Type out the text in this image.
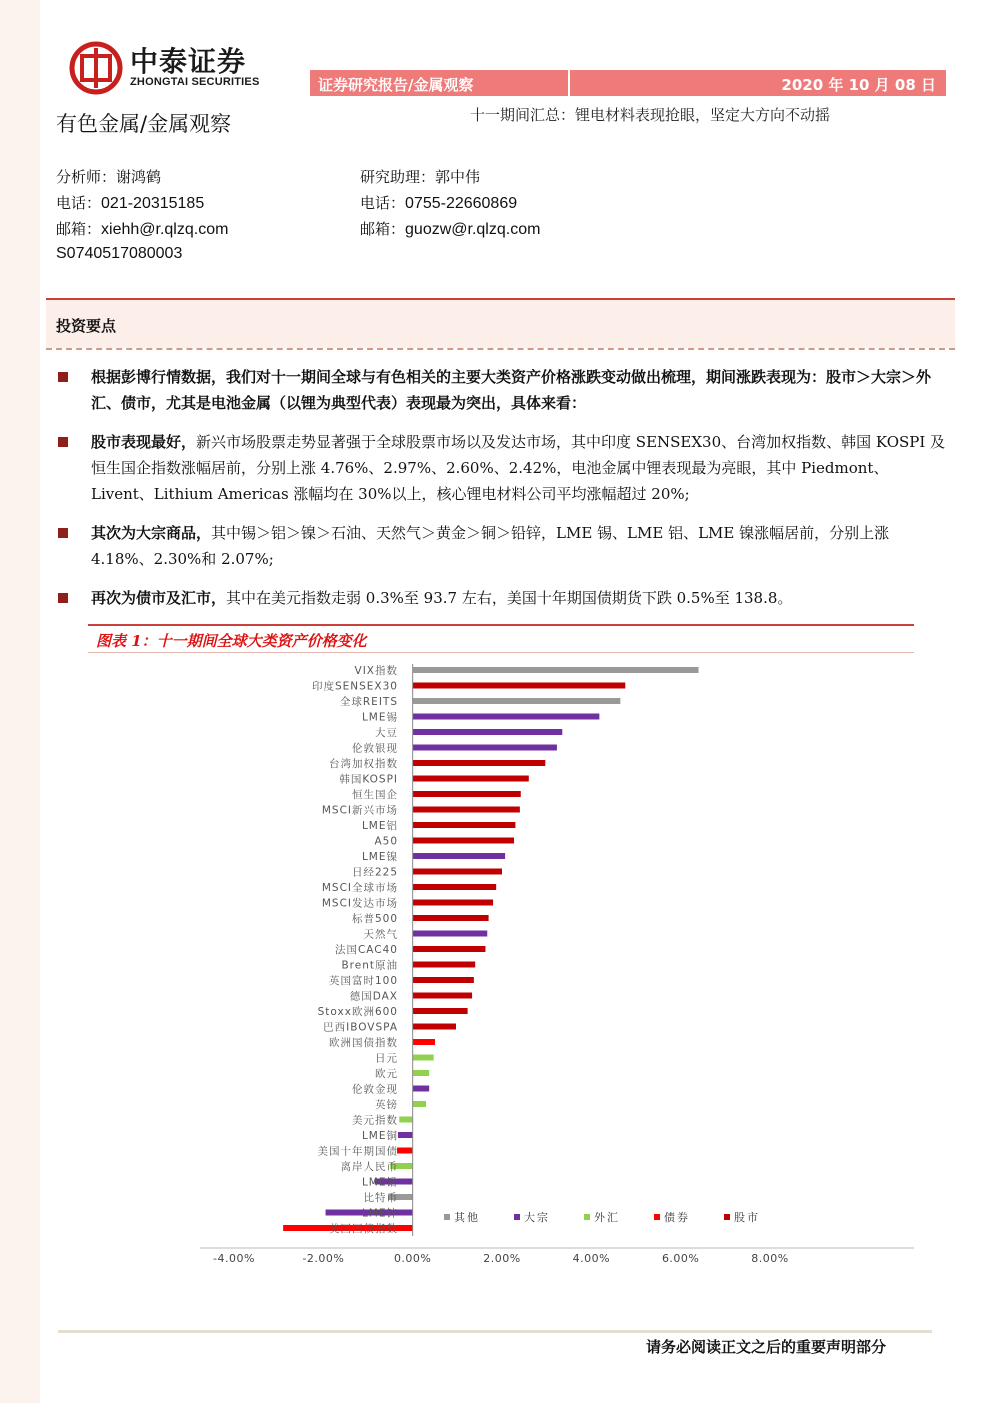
中泰证券
ZHONGTAI SECURITIES	证券研究报告/金属观察	2020 年 10 月 08 日
有色金属/金属观察	十一期间汇总：锂电材料表现抢眼，坚定大方向不动摇
分析师：谢鸿鹤
电话：021-20315185
邮箱：xiehh@r.qlzq.com
S0740517080003
研究助理：郭中伟
电话：0755-22660869
邮箱：guozw@r.qlzq.com
投资要点
根据彭博行情数据，我们对十一期间全球与有色相关的主要大类资产价格涨跌变动做出梳理，期间涨跌表现为：股市＞大宗＞外汇、债市，尤其是电池金属（以锂为典型代表）表现最为突出，具体来看：
股市表现最好，新兴市场股票走势显著强于全球股票市场以及发达市场，其中印度 SENSEX30、台湾加权指数、韩国 KOSPI 及恒生国企指数涨幅居前，分别上涨 4.76%、2.97%、2.60%、2.42%，电池金属中锂表现最为亮眼，其中 Piedmont、Livent、Lithium Americas 涨幅均在 30%以上，核心锂电材料公司平均涨幅超过 20%;
其次为大宗商品，其中锡＞铝＞镍＞石油、天然气＞黄金＞铜＞铅锌，LME 锡、LME 铝、LME 镍涨幅居前，分别上涨 4.18%、2.30%和 2.07%;
再次为债市及汇市，其中在美元指数走弱 0.3%至 93.7 左右，美国十年期国债期货下跌 0.5%至 138.8。
图表 1：十一期间全球大类资产价格变化
VIX指数
印度SENSEX30
全球REITS
LME锡
大豆
伦敦银现
台湾加权指数
韩国KOSPI
恒生国企
MSCI新兴市场
LME铝
A50
LME镍
日经225
MSCI全球市场
MSCI发达市场
标普500
天然气
法国CAC40
Brent原油
英国富时100
德国DAX
Stoxx欧洲600
巴西IBOVSPA
欧洲国债指数
日元
欧元
伦敦金现
英镑
美元指数
LME铜
美国十年期国债
离岸人民币
LME铅
比特币
LME锌
美国国债指数
-4.00%	-2.00%	0.00%	2.00%	4.00%	6.00%	8.00%
其他	大宗	外汇	债券	股市
请务必阅读正文之后的重要声明部分
